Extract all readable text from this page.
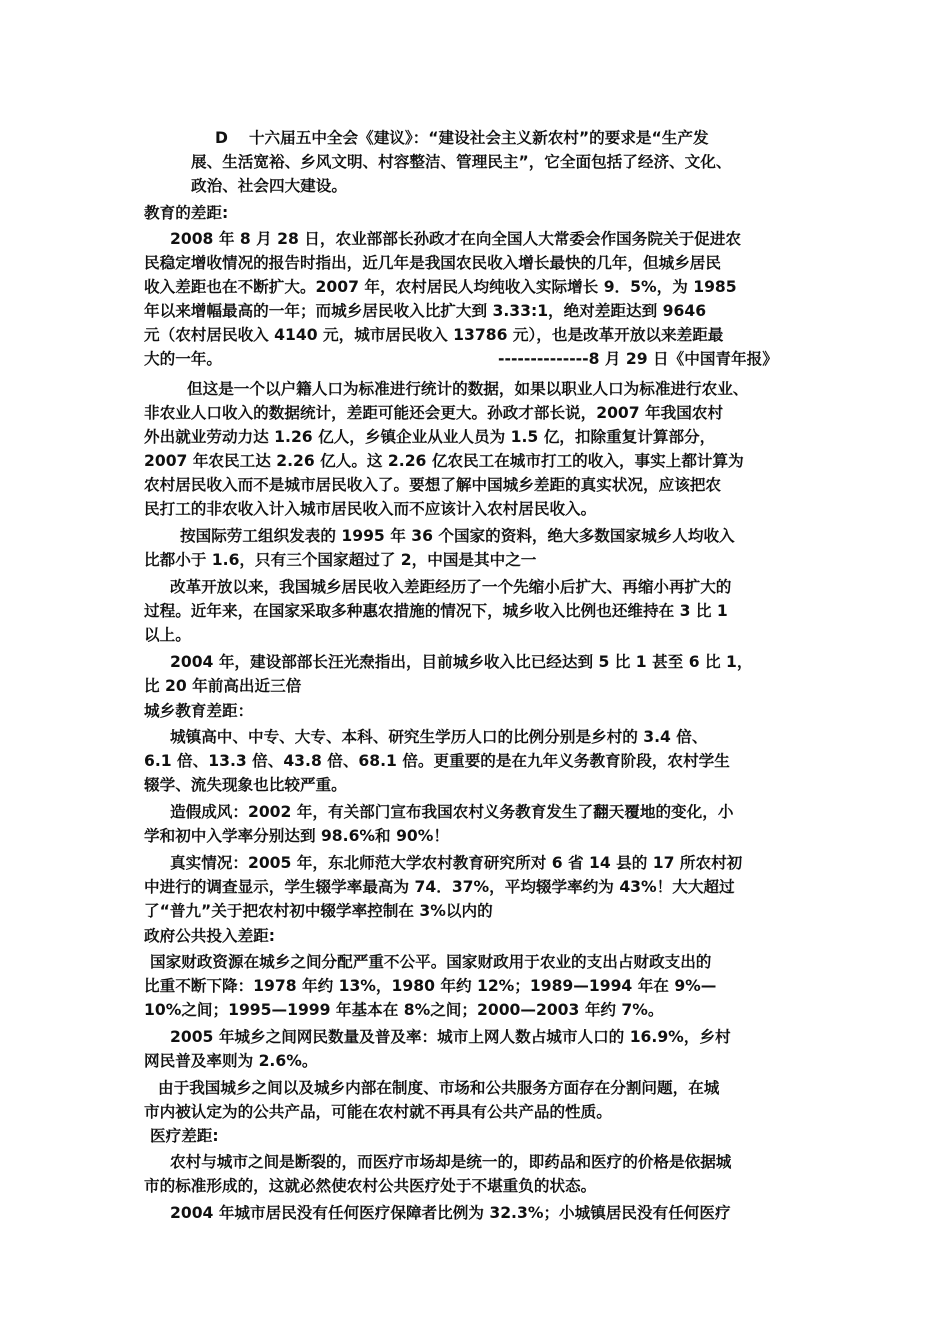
D　 十六届五中全会《建议》：“建设社会主义新农村”的要求是“生产发
展、生活宽裕、乡风文明、村容整洁、管理民主”，它全面包括了经济、文化、
政治、社会四大建设。
教育的差距:
2008 年 8 月 28 日，农业部部长孙政才在向全国人大常委会作国务院关于促进农
民稳定增收情况的报告时指出，近几年是我国农民收入增长最快的几年，但城乡居民
收入差距也在不断扩大。2007 年，农村居民人均纯收入实际增长 9．5%，为 1985
年以来增幅最高的一年；而城乡居民收入比扩大到 3.33:1，绝对差距达到 9646
元（农村居民收入 4140 元，城市居民收入 13786 元），也是改革开放以来差距最
大的一年。	--------------8 月 29 日《中国青年报》
但这是一个以户籍人口为标准进行统计的数据，如果以职业人口为标准进行农业、
非农业人口收入的数据统计，差距可能还会更大。孙政才部长说，2007 年我国农村
外出就业劳动力达 1.26 亿人，乡镇企业从业人员为 1.5 亿，扣除重复计算部分，
2007 年农民工达 2.26 亿人。这 2.26 亿农民工在城市打工的收入，事实上都计算为
农村居民收入而不是城市居民收入了。要想了解中国城乡差距的真实状况，应该把农
民打工的非农收入计入城市居民收入而不应该计入农村居民收入。
按国际劳工组织发表的 1995 年 36 个国家的资料，绝大多数国家城乡人均收入
比都小于 1.6，只有三个国家超过了 2，中国是其中之一
改革开放以来，我国城乡居民收入差距经历了一个先缩小后扩大、再缩小再扩大的
过程。近年来，在国家采取多种惠农措施的情况下，城乡收入比例也还维持在 3 比 1
以上。
2004 年，建设部部长汪光焘指出，目前城乡收入比已经达到 5 比 1 甚至 6 比 1，
比 20 年前高出近三倍
城乡教育差距：
城镇高中、中专、大专、本科、研究生学历人口的比例分别是乡村的 3.4 倍、
6.1 倍、13.3 倍、43.8 倍、68.1 倍。更重要的是在九年义务教育阶段，农村学生
辍学、流失现象也比较严重。
造假成风：2002 年，有关部门宣布我国农村义务教育发生了翻天覆地的变化，小
学和初中入学率分别达到 98.6%和 90%！
真实情况：2005 年，东北师范大学农村教育研究所对 6 省 14 县的 17 所农村初
中进行的调查显示，学生辍学率最高为 74．37%，平均辍学率约为 43%！大大超过
了“普九”关于把农村初中辍学率控制在 3%以内的
政府公共投入差距:
国家财政资源在城乡之间分配严重不公平。国家财政用于农业的支出占财政支出的
比重不断下降：1978 年约 13%，1980 年约 12%；1989—1994 年在 9%—
10%之间；1995—1999 年基本在 8%之间；2000—2003 年约 7%。
2005 年城乡之间网民数量及普及率：城市上网人数占城市人口的 16.9%，乡村
网民普及率则为 2.6%。
由于我国城乡之间以及城乡内部在制度、市场和公共服务方面存在分割问题，在城
市内被认定为的公共产品，可能在农村就不再具有公共产品的性质。
医疗差距:
农村与城市之间是断裂的，而医疗市场却是统一的，即药品和医疗的价格是依据城
市的标准形成的，这就必然使农村公共医疗处于不堪重负的状态。
2004 年城市居民没有任何医疗保障者比例为 32.3%；小城镇居民没有任何医疗
